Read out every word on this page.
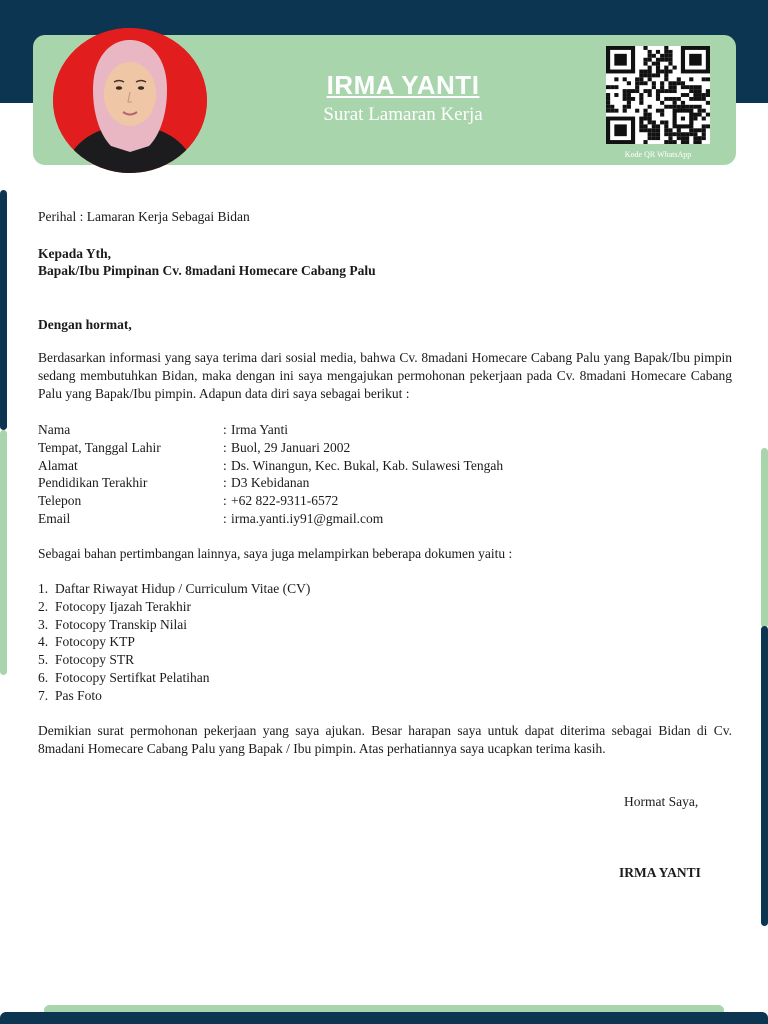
IRMA YANTI
Surat Lamaran Kerja
Kode QR WhatsApp
Perihal : Lamaran Kerja Sebagai Bidan
Kepada Yth,
Bapak/Ibu Pimpinan Cv. 8madani Homecare Cabang Palu
Dengan hormat,
Berdasarkan informasi yang saya terima dari sosial media, bahwa Cv. 8madani Homecare Cabang Palu yang Bapak/Ibu pimpin sedang membutuhkan Bidan, maka dengan ini saya mengajukan permohonan pekerjaan pada Cv. 8madani Homecare Cabang Palu yang Bapak/Ibu pimpin. Adapun data diri saya sebagai berikut :
Nama	: Irma Yanti
Tempat, Tanggal Lahir	: Buol, 29 Januari 2002
Alamat	: Ds. Winangun, Kec. Bukal, Kab. Sulawesi Tengah
Pendidikan Terakhir	: D3 Kebidanan
Telepon	: +62 822-9311-6572
Email	: irma.yanti.iy91@gmail.com
Sebagai bahan pertimbangan lainnya, saya juga melampirkan beberapa dokumen yaitu :
1. Daftar Riwayat Hidup / Curriculum Vitae (CV)
2. Fotocopy Ijazah Terakhir
3. Fotocopy Transkip Nilai
4. Fotocopy KTP
5. Fotocopy STR
6. Fotocopy Sertifkat Pelatihan
7. Pas Foto
Demikian surat permohonan pekerjaan yang saya ajukan. Besar harapan saya untuk dapat diterima sebagai Bidan di Cv. 8madani Homecare Cabang Palu yang Bapak / Ibu pimpin. Atas perhatiannya saya ucapkan terima kasih.
Hormat Saya,
IRMA YANTI
